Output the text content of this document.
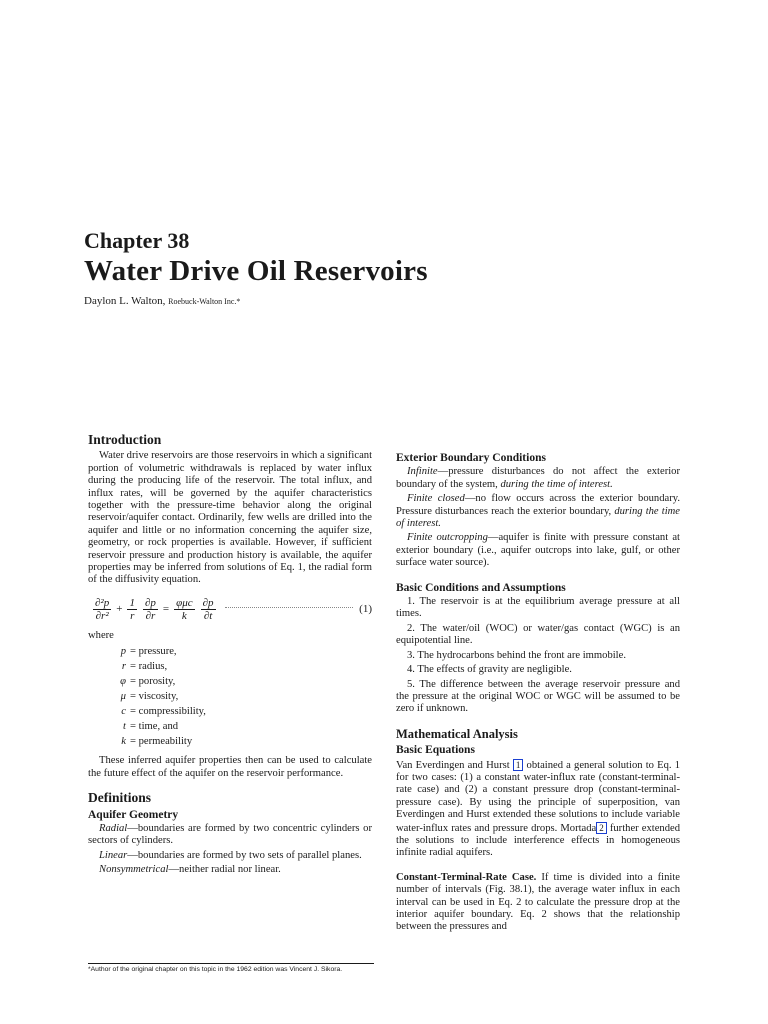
Chapter 38
Water Drive Oil Reservoirs
Daylon L. Walton, Roebuck-Walton Inc.*
Introduction

Water drive reservoirs are those reservoirs in which a significant portion of volumetric withdrawals is replaced by water influx during the producing life of the reservoir. The total influx, and influx rates, will be governed by the aquifer characteristics together with the pressure-time behavior along the original reservoir/aquifer contact. Ordinarily, few wells are drilled into the aquifer and little or no information concerning the aquifer size, geometry, or rock properties is available. However, if sufficient reservoir pressure and production history is available, the aquifer properties may be inferred from solutions of Eq. 1, the radial form of the diffusivity equation.

$\frac{\text{∂²p}}{\text{∂r²}} + \frac{1}{r} \frac{\partial p}{\partial r} = \frac{\text{φμc}}{k} \frac{\partial p}{\partial t}$	(1)

where

p = pressure,
r = radius,
φ = porosity,
μ = viscosity,
c = compressibility,
t = time, and
k = permeability

These inferred aquifer properties then can be used to calculate the future effect of the aquifer on the reservoir performance.

Definitions
Aquifer Geometry

Radial—boundaries are formed by two concentric cylinders or sectors of cylinders.

Linear—boundaries are formed by two sets of parallel planes.

Nonsymmetrical—neither radial nor linear.

*Author of the original chapter on this topic in the 1962 edition was Vincent J. Sikora.
Exterior Boundary Conditions

Infinite—pressure disturbances do not affect the exterior boundary of the system, during the time of interest.

Finite closed—no flow occurs across the exterior boundary. Pressure disturbances reach the exterior boundary, during the time of interest.

Finite outcropping—aquifer is finite with pressure constant at exterior boundary (i.e., aquifer outcrops into lake, gulf, or other surface water source).

Basic Conditions and Assumptions

1. The reservoir is at the equilibrium average pressure at all times.

2. The water/oil (WOC) or water/gas contact (WGC) is an equipotential line.

3. The hydrocarbons behind the front are immobile.

4. The effects of gravity are negligible.

5. The difference between the average reservoir pressure and the pressure at the original WOC or WGC will be assumed to be zero if unknown.

Mathematical Analysis
Basic Equations

Van Everdingen and Hurst 1 obtained a general solution to Eq. 1 for two cases: (1) a constant water-influx rate (constant-terminal-rate case) and (2) a constant pressure drop (constant-terminal-pressure case). By using the principle of superposition, van Everdingen and Hurst extended these solutions to include variable water-influx rates and pressure drops. Mortada 2 further extended the solutions to include interference effects in homogeneous infinite radial aquifers.

Constant-Terminal-Rate Case. If time is divided into a finite number of intervals (Fig. 38.1), the average water influx in each interval can be used in Eq. 2 to calculate the pressure drop at the interior aquifer boundary. Eq. 2 shows that the relationship between the pressures and
